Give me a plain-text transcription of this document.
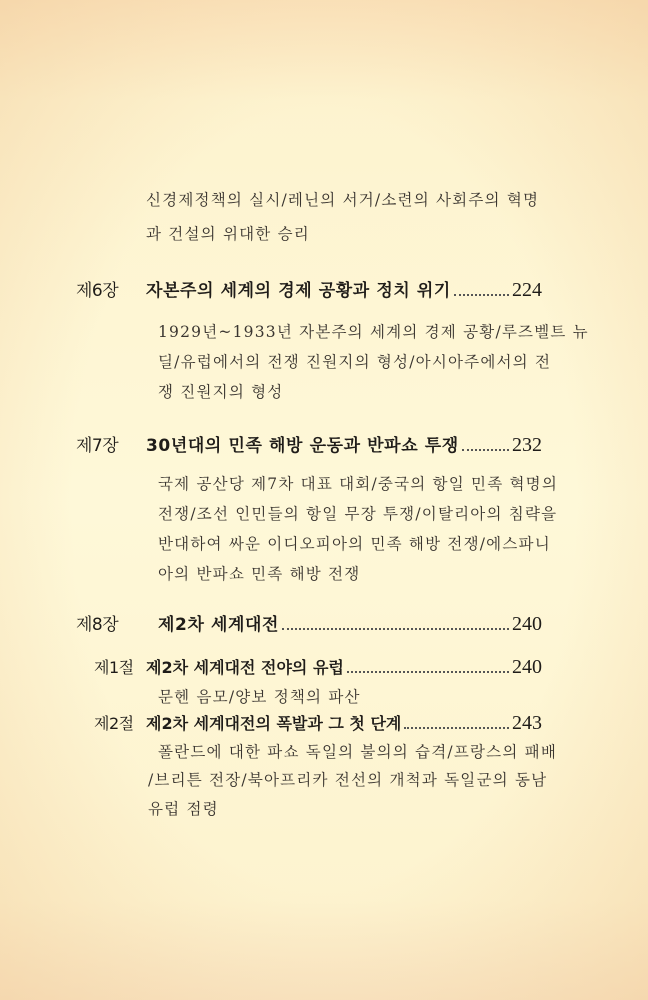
신경제정책의 실시/레닌의 서거/소련의 사회주의 혁명
과 건설의 위대한 승리
제6장	자본주의 세계의 경제 공황과 정치 위기	224
1929년~1933년 자본주의 세계의 경제 공황/루즈벨트 뉴
딜/유럽에서의 전쟁 진원지의 형성/아시아주에서의 전
쟁 진원지의 형성
제7장	30년대의 민족 해방 운동과 반파쇼 투쟁	232
국제 공산당 제7차 대표 대회/중국의 항일 민족 혁명의
전쟁/조선 인민들의 항일 무장 투쟁/이탈리아의 침략을
반대하여 싸운 이디오피아의 민족 해방 전쟁/에스파니
아의 반파쇼 민족 해방 전쟁
제8장	제2차 세계대전	240
제1절 제2차 세계대전 전야의 유럽	240
문헨 음모/양보 정책의 파산
제2절 제2차 세계대전의 폭발과 그 첫 단계	243
폴란드에 대한 파쇼 독일의 불의의 습격/프랑스의 패배
/브리튼 전장/북아프리카 전선의 개척과 독일군의 동남
유럽 점령
